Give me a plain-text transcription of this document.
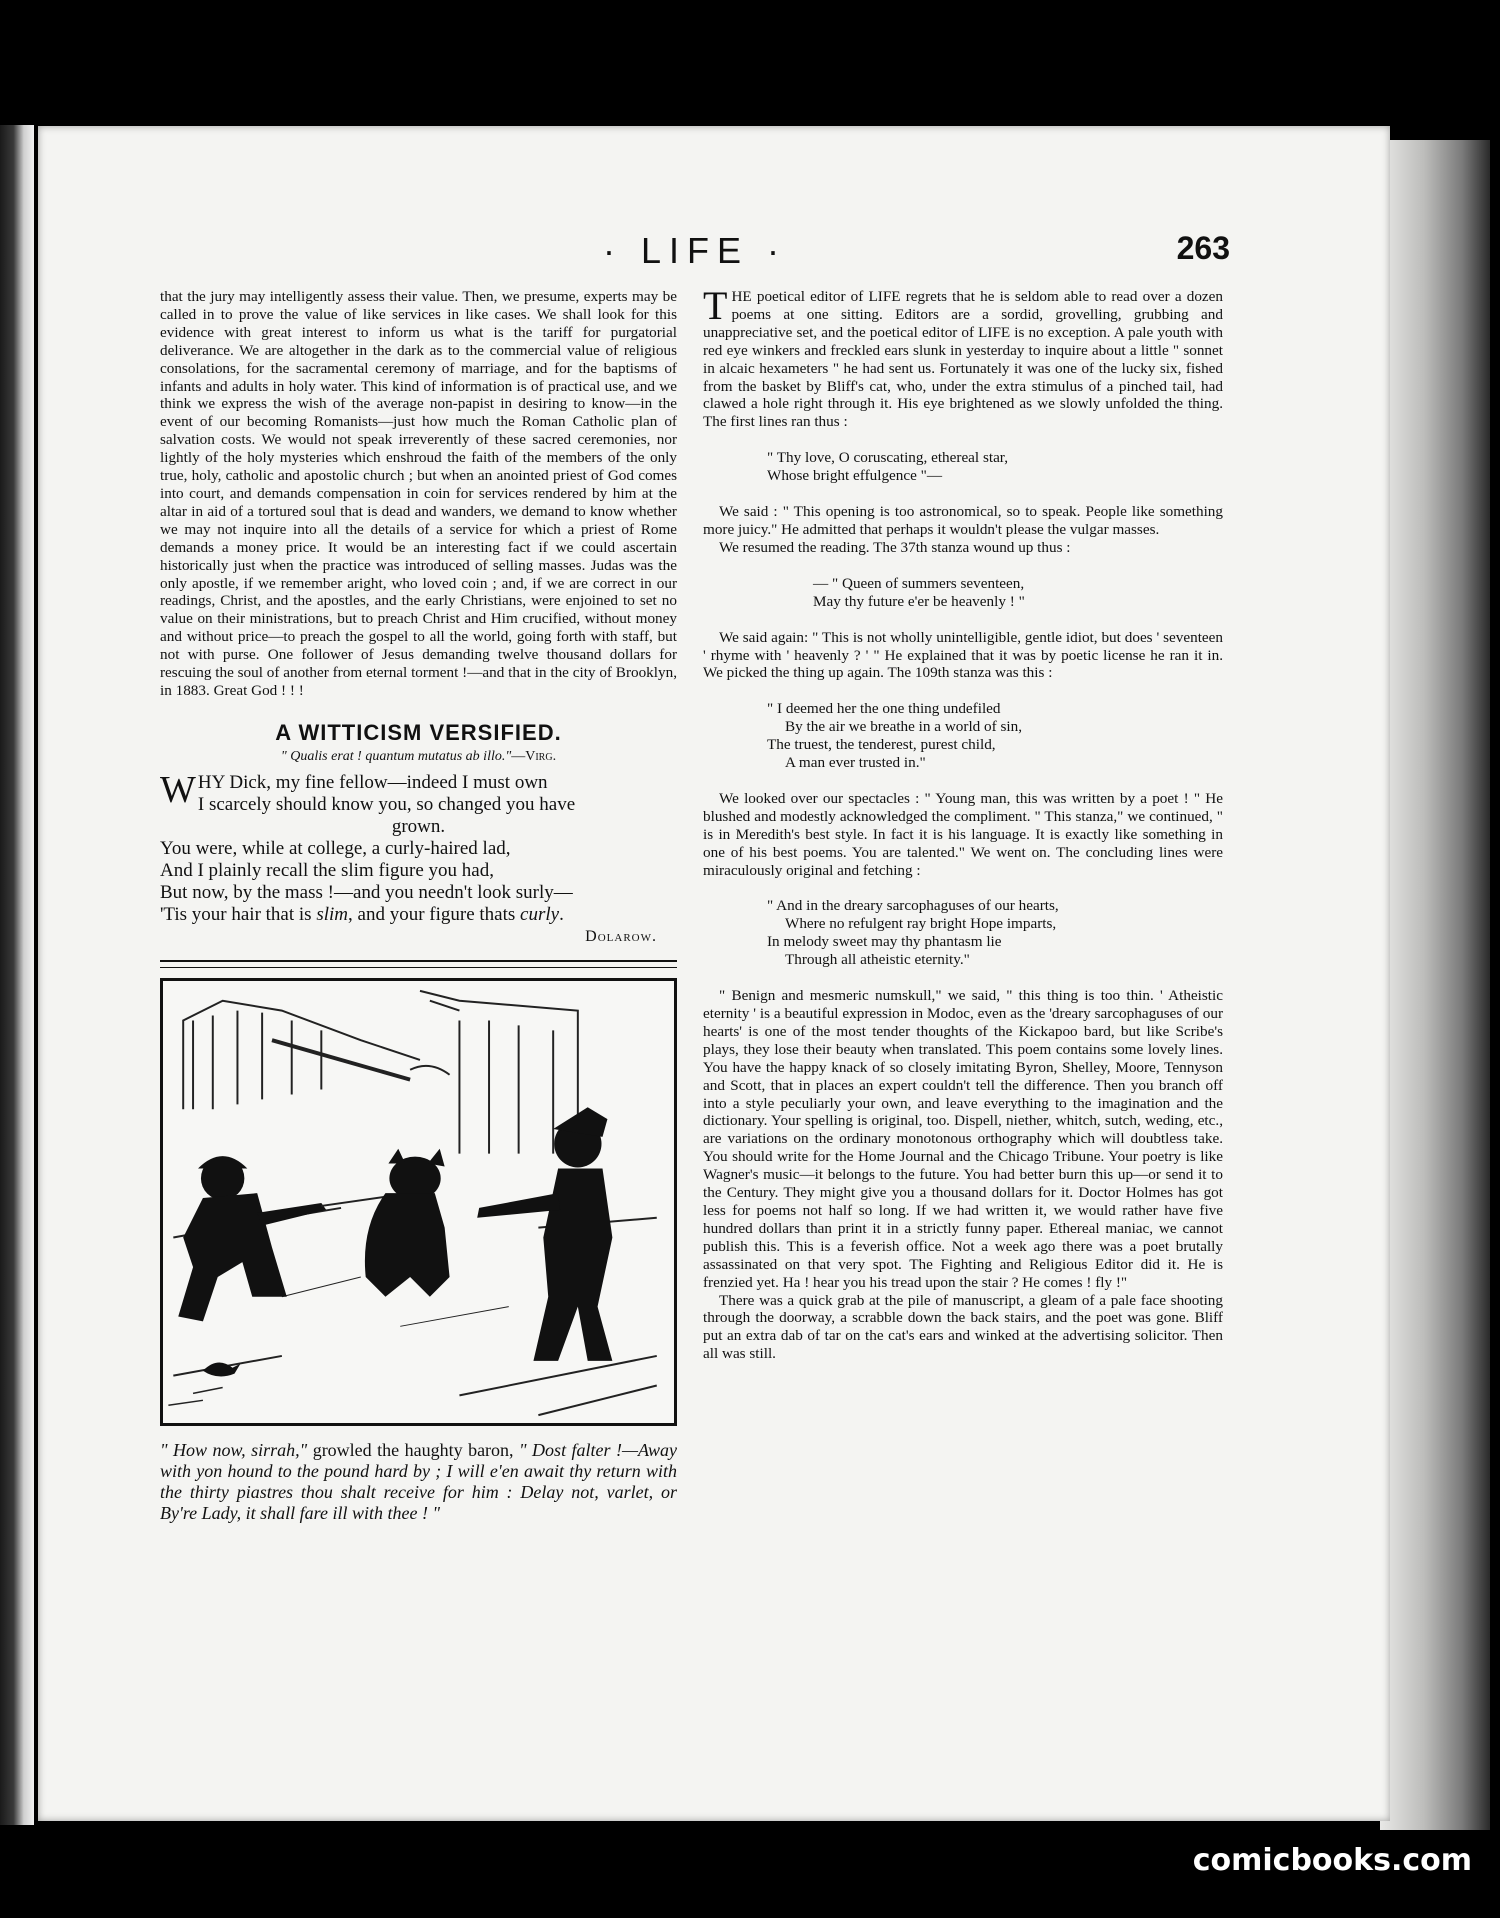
· LIFE ·	263

that the jury may intelligently assess their value. Then, we presume, experts may be called in to prove the value of like services in like cases. We shall look for this evidence with great interest to inform us what is the tariff for purgatorial deliverance. We are altogether in the dark as to the commercial value of religious consolations, for the sacramental ceremony of marriage, and for the baptisms of infants and adults in holy water. This kind of information is of practical use, and we think we express the wish of the average non-papist in desiring to know—in the event of our becoming Romanists—just how much the Roman Catholic plan of salvation costs. We would not speak irreverently of these sacred ceremonies, nor lightly of the holy mysteries which enshroud the faith of the members of the only true, holy, catholic and apostolic church ; but when an anointed priest of God comes into court, and demands compensation in coin for services rendered by him at the altar in aid of a tortured soul that is dead and wanders, we demand to know whether we may not inquire into all the details of a service for which a priest of Rome demands a money price. It would be an interesting fact if we could ascertain historically just when the practice was introduced of selling masses. Judas was the only apostle, if we remember aright, who loved coin ; and, if we are correct in our readings, Christ, and the apostles, and the early Christians, were enjoined to set no value on their ministrations, but to preach Christ and Him crucified, without money and without price—to preach the gospel to all the world, going forth with staff, but not with purse. One follower of Jesus demanding twelve thousand dollars for rescuing the soul of another from eternal torment !—and that in the city of Brooklyn, in 1883. Great God ! ! !

A WITTICISM VERSIFIED.
" Qualis erat ! quantum mutatus ab illo."—Virg.
WHY Dick, my fine fellow—indeed I must own
I scarcely should know you, so changed you have
grown.
You were, while at college, a curly-haired lad,
And I plainly recall the slim figure you had,
But now, by the mass !—and you needn't look surly—
'Tis your hair that is slim, and your figure thats curly.
Dolarow.
" How now, sirrah," growled the haughty baron, " Dost falter !—Away with yon hound to the pound hard by ; I will e'en await thy return with the thirty piastres thou shalt receive for him : Delay not, varlet, or By're Lady, it shall fare ill with thee ! "

THE poetical editor of LIFE regrets that he is seldom able to read over a dozen poems at one sitting. Editors are a sordid, grovelling, grubbing and unappreciative set, and the poetical editor of LIFE is no exception. A pale youth with red eye winkers and freckled ears slunk in yesterday to inquire about a little " sonnet in alcaic hexameters " he had sent us. Fortunately it was one of the lucky six, fished from the basket by Bliff's cat, who, under the extra stimulus of a pinched tail, had clawed a hole right through it. His eye brightened as we slowly unfolded the thing. The first lines ran thus :

" Thy love, O coruscating, ethereal star,
Whose bright effulgence "—

We said : " This opening is too astronomical, so to speak. People like something more juicy." He admitted that perhaps it wouldn't please the vulgar masses.

We resumed the reading. The 37th stanza wound up thus :

— " Queen of summers seventeen,
May thy future e'er be heavenly ! "

We said again: " This is not wholly unintelligible, gentle idiot, but does ' seventeen ' rhyme with ' heavenly ? ' " He explained that it was by poetic license he ran it in. We picked the thing up again. The 109th stanza was this :

" I deemed her the one thing undefiled
By the air we breathe in a world of sin,
The truest, the tenderest, purest child,
A man ever trusted in."

We looked over our spectacles : " Young man, this was written by a poet ! " He blushed and modestly acknowledged the compliment. " This stanza," we continued, " is in Meredith's best style. In fact it is his language. It is exactly like something in one of his best poems. You are talented." We went on. The concluding lines were miraculously original and fetching :

" And in the dreary sarcophaguses of our hearts,
Where no refulgent ray bright Hope imparts,
In melody sweet may thy phantasm lie
Through all atheistic eternity."

" Benign and mesmeric numskull," we said, " this thing is too thin. ' Atheistic eternity ' is a beautiful expression in Modoc, even as the 'dreary sarcophaguses of our hearts' is one of the most tender thoughts of the Kickapoo bard, but like Scribe's plays, they lose their beauty when translated. This poem contains some lovely lines. You have the happy knack of so closely imitating Byron, Shelley, Moore, Tennyson and Scott, that in places an expert couldn't tell the difference. Then you branch off into a style peculiarly your own, and leave everything to the imagination and the dictionary. Your spelling is original, too. Dispell, niether, whitch, sutch, weding, etc., are variations on the ordinary monotonous orthography which will doubtless take. You should write for the Home Journal and the Chicago Tribune. Your poetry is like Wagner's music—it belongs to the future. You had better burn this up—or send it to the Century. They might give you a thousand dollars for it. Doctor Holmes has got less for poems not half so long. If we had written it, we would rather have five hundred dollars than print it in a strictly funny paper. Ethereal maniac, we cannot publish this. This is a feverish office. Not a week ago there was a poet brutally assassinated on that very spot. The Fighting and Religious Editor did it. He is frenzied yet. Ha ! hear you his tread upon the stair ? He comes ! fly !"

There was a quick grab at the pile of manuscript, a gleam of a pale face shooting through the doorway, a scrabble down the back stairs, and the poet was gone. Bliff put an extra dab of tar on the cat's ears and winked at the advertising solicitor. Then all was still.

comicbooks.com
